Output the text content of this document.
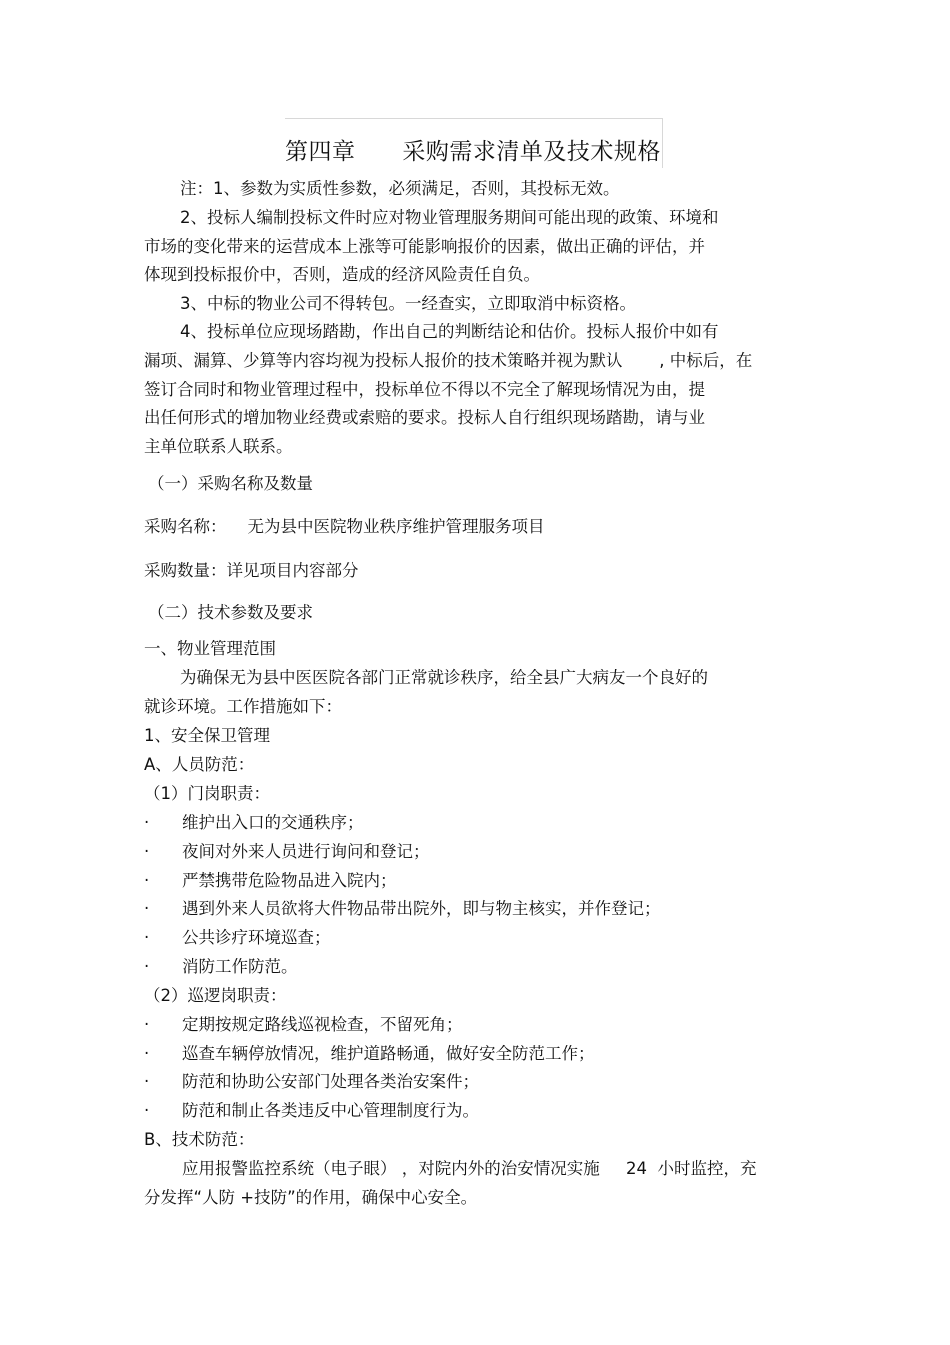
第四章      采购需求清单及技术规格
注：1、参数为实质性参数，必须满足，否则，其投标无效。
2、投标人编制投标文件时应对物业管理服务期间可能出现的政策、环境和
市场的变化带来的运营成本上涨等可能影响报价的因素，做出正确的评估，并
体现到投标报价中，否则，造成的经济风险责任自负。
3、中标的物业公司不得转包。一经查实，立即取消中标资格。
4、投标单位应现场踏勘，作出自己的判断结论和估价。投标人报价中如有
漏项、漏算、少算等内容均视为投标人报价的技术策略并视为默认       , 中标后，在
签订合同时和物业管理过程中，投标单位不得以不完全了解现场情况为由，提
出任何形式的增加物业经费或索赔的要求。投标人自行组织现场踏勘，请与业
主单位联系人联系。
（一）采购名称及数量
采购名称：    无为县中医院物业秩序维护管理服务项目
采购数量：详见项目内容部分
（二）技术参数及要求
一、物业管理范围
为确保无为县中医医院各部门正常就诊秩序，给全县广大病友一个良好的
就诊环境。工作措施如下：
1、安全保卫管理
A、人员防范：
（1）门岗职责：
· 维护出入口的交通秩序；
· 夜间对外来人员进行询问和登记；
· 严禁携带危险物品进入院内；
· 遇到外来人员欲将大件物品带出院外，即与物主核实，并作登记；
· 公共诊疗环境巡查；
· 消防工作防范。
（2）巡逻岗职责：
· 定期按规定路线巡视检查，不留死角；
· 巡查车辆停放情况，维护道路畅通，做好安全防范工作；
· 防范和协助公安部门处理各类治安案件；
· 防范和制止各类违反中心管理制度行为。
B、技术防范：
应用报警监控系统（电子眼） ，对院内外的治安情况实施     24  小时监控，充
分发挥“人防 +技防”的作用，确保中心安全。
